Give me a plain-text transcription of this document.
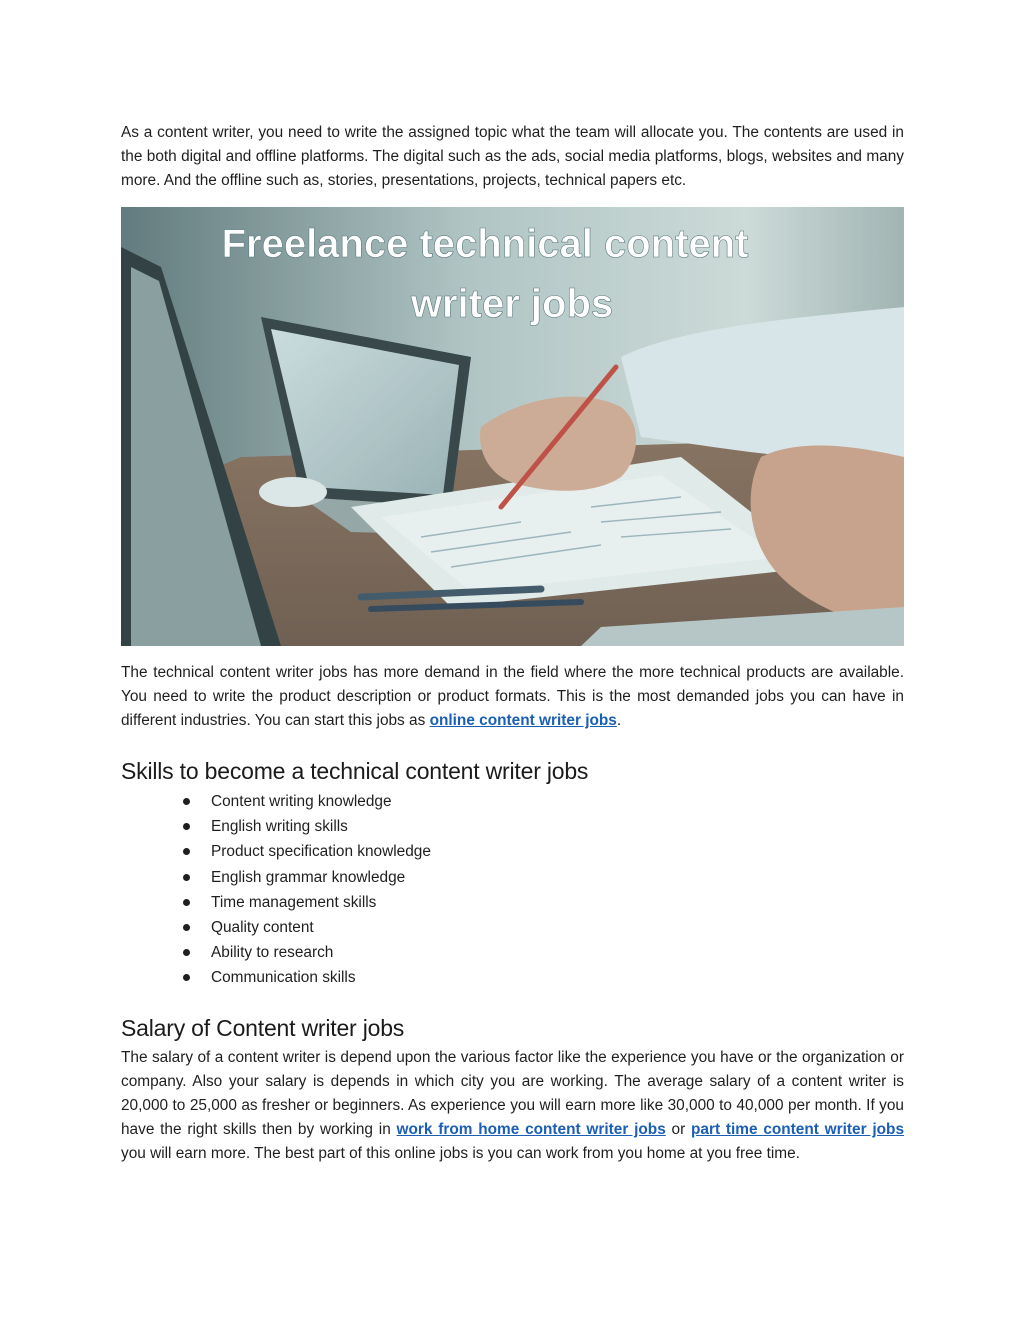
As a content writer, you need to write the assigned topic what the team will allocate you. The contents are used in the both digital and offline platforms. The digital such as the ads, social media platforms, blogs, websites and many more. And the offline such as, stories, presentations, projects, technical papers etc.

Freelance technical content
writer jobs

The technical content writer jobs has more demand in the field where the more technical products are available. You need to write the product description or product formats. This is the most demanded jobs you can have in different industries. You can start this jobs as online content writer jobs.

Skills to become a technical content writer jobs
Content writing knowledge
English writing skills
Product specification knowledge
English grammar knowledge
Time management skills
Quality content
Ability to research
Communication skills
Salary of Content writer jobs

The salary of a content writer is depend upon the various factor like the experience you have or the organization or company. Also your salary is depends in which city you are working. The average salary of a content writer is 20,000 to 25,000 as fresher or beginners. As experience you will earn more like 30,000 to 40,000 per month. If you have the right skills then by working in work from home content writer jobs or part time content writer jobs you will earn more. The best part of this online jobs is you can work from you home at you free time.
